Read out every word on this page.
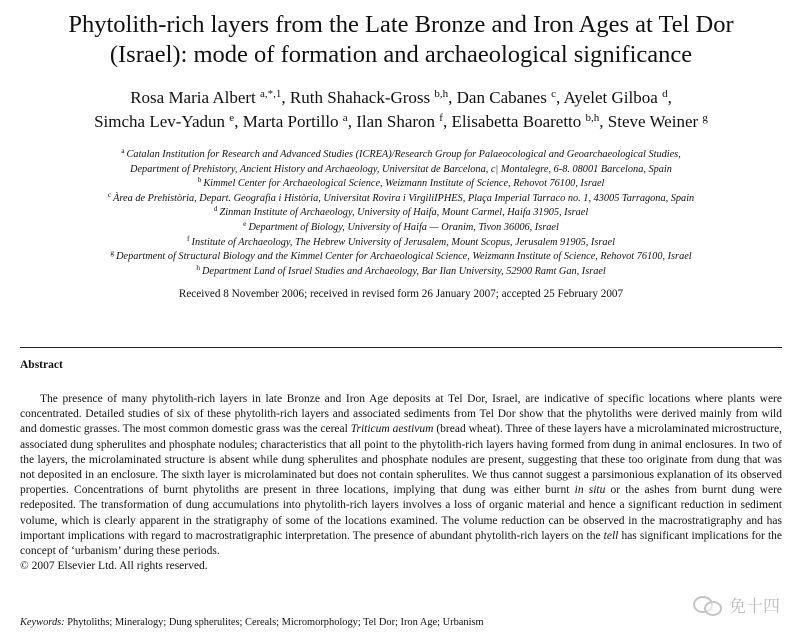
Phytolith-rich layers from the Late Bronze and Iron Ages at Tel Dor
(Israel): mode of formation and archaeological significance
Rosa Maria Albert $^{a,*,1}$, Ruth Shahack-Gross $^{b,h}$, Dan Cabanes $^c$, Ayelet Gilboa $^d$,
Simcha Lev-Yadun $^e$, Marta Portillo $^a$, Ilan Sharon $^f$, Elisabetta Boaretto $^{b,h}$, Steve Weiner $^g$
$^a$ Catalan Institution for Research and Advanced Studies (ICREA)/Research Group for Palaeocological and Geoarchaeological Studies,
Department of Prehistory, Ancient History and Archaeology, Universitat de Barcelona, c| Montalegre, 6-8. 08001 Barcelona, Spain
$^b$ Kimmel Center for Archaeological Science, Weizmann Institute of Science, Rehovot 76100, Israel
$^c$ Àrea de Prehistòria, Depart. Geografia i Història, Universitat Rovira i VirgiliIPHES, Plaça Imperial Tarraco no. 1, 43005 Tarragona, Spain
$^d$ Zinman Institute of Archaeology, University of Haifa, Mount Carmel, Haifa 31905, Israel
$^e$ Department of Biology, University of Haifa — Oranim, Tivon 36006, Israel
$^f$ Institute of Archaeology, The Hebrew University of Jerusalem, Mount Scopus, Jerusalem 91905, Israel
$^g$ Department of Structural Biology and the Kimmel Center for Archaeological Science, Weizmann Institute of Science, Rehovot 76100, Israel
$^h$ Department Land of Israel Studies and Archaeology, Bar Ilan University, 52900 Ramt Gan, Israel
Received 8 November 2006; received in revised form 26 January 2007; accepted 25 February 2007
Abstract

The presence of many phytolith-rich layers in late Bronze and Iron Age deposits at Tel Dor, Israel, are indicative of specific locations where plants were concentrated. Detailed studies of six of these phytolith-rich layers and associated sediments from Tel Dor show that the phytoliths were derived mainly from wild and domestic grasses. The most common domestic grass was the cereal Triticum aestivum (bread wheat). Three of these layers have a microlaminated microstructure, associated dung spherulites and phosphate nodules; characteristics that all point to the phytolith-rich layers having formed from dung in animal enclosures. In two of the layers, the microlaminated structure is absent while dung spherulites and phosphate nodules are present, suggesting that these too originate from dung that was not deposited in an enclosure. The sixth layer is microlaminated but does not contain spherulites. We thus cannot suggest a parsimonious explanation of its observed properties. Concentrations of burnt phytoliths are present in three locations, implying that dung was either burnt in situ or the ashes from burnt dung were redeposited. The transformation of dung accumulations into phytolith-rich layers involves a loss of organic material and hence a significant reduction in sediment volume, which is clearly apparent in the stratigraphy of some of the locations examined. The volume reduction can be observed in the macrostratigraphy and has important implications with regard to macrostratigraphic interpretation. The presence of abundant phytolith-rich layers on the tell has significant implications for the concept of ‘urbanism’ during these periods.

© 2007 Elsevier Ltd. All rights reserved.
Keywords: Phytoliths; Mineralogy; Dung spherulites; Cereals; Micromorphology; Tel Dor; Iron Age; Urbanism
免十四
